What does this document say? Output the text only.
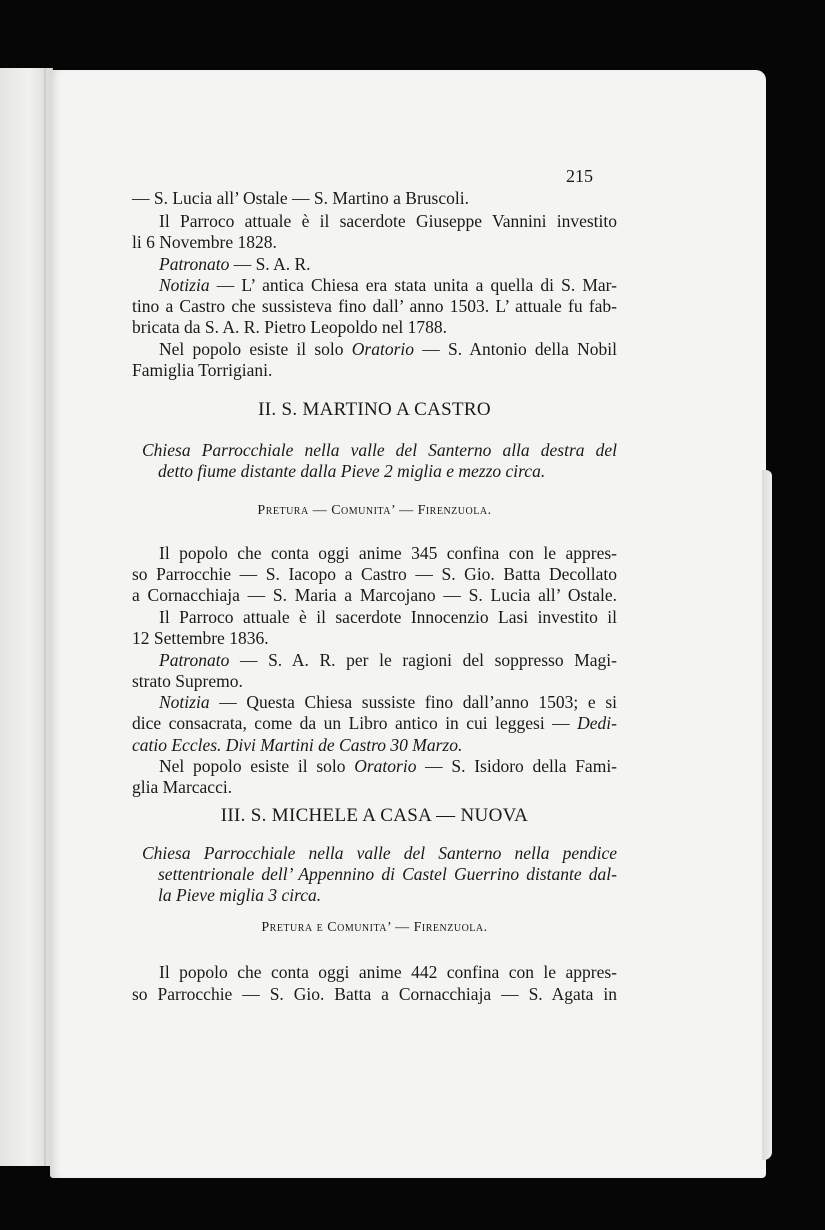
215
— S. Lucia all’ Ostale — S. Martino a Bruscoli.
Il Parroco attuale è il sacerdote Giuseppe Vannini investito
li 6 Novembre 1828.
Patronato — S. A. R.
Notizia — L’ antica Chiesa era stata unita a quella di S. Mar-
tino a Castro che sussisteva fino dall’ anno 1503. L’ attuale fu fab-
bricata da S. A. R. Pietro Leopoldo nel 1788.
Nel popolo esiste il solo Oratorio — S. Antonio della Nobil
Famiglia Torrigiani.
II. S. MARTINO A CASTRO
Chiesa Parrocchiale nella valle del Santerno alla destra del
detto fiume distante dalla Pieve 2 miglia e mezzo circa.
Pretura — Comunita’ — Firenzuola.
Il popolo che conta oggi anime 345 confina con le appres-
so Parrocchie — S. Iacopo a Castro — S. Gio. Batta Decollato
a Cornacchiaja — S. Maria a Marcojano — S. Lucia all’ Ostale.
Il Parroco attuale è il sacerdote Innocenzio Lasi investito il
12 Settembre 1836.
Patronato — S. A. R. per le ragioni del soppresso Magi-
strato Supremo.
Notizia — Questa Chiesa sussiste fino dall’anno 1503; e si
dice consacrata, come da un Libro antico in cui leggesi — Dedi-
catio Eccles. Divi Martini de Castro 30 Marzo.
Nel popolo esiste il solo Oratorio — S. Isidoro della Fami-
glia Marcacci.
III. S. MICHELE A CASA — NUOVA
Chiesa Parrocchiale nella valle del Santerno nella pendice
settentrionale dell’ Appennino di Castel Guerrino distante dal-
la Pieve miglia 3 circa.
Pretura e Comunita’ — Firenzuola.
Il popolo che conta oggi anime 442 confina con le appres-
so Parrocchie — S. Gio. Batta a Cornacchiaja — S. Agata in
